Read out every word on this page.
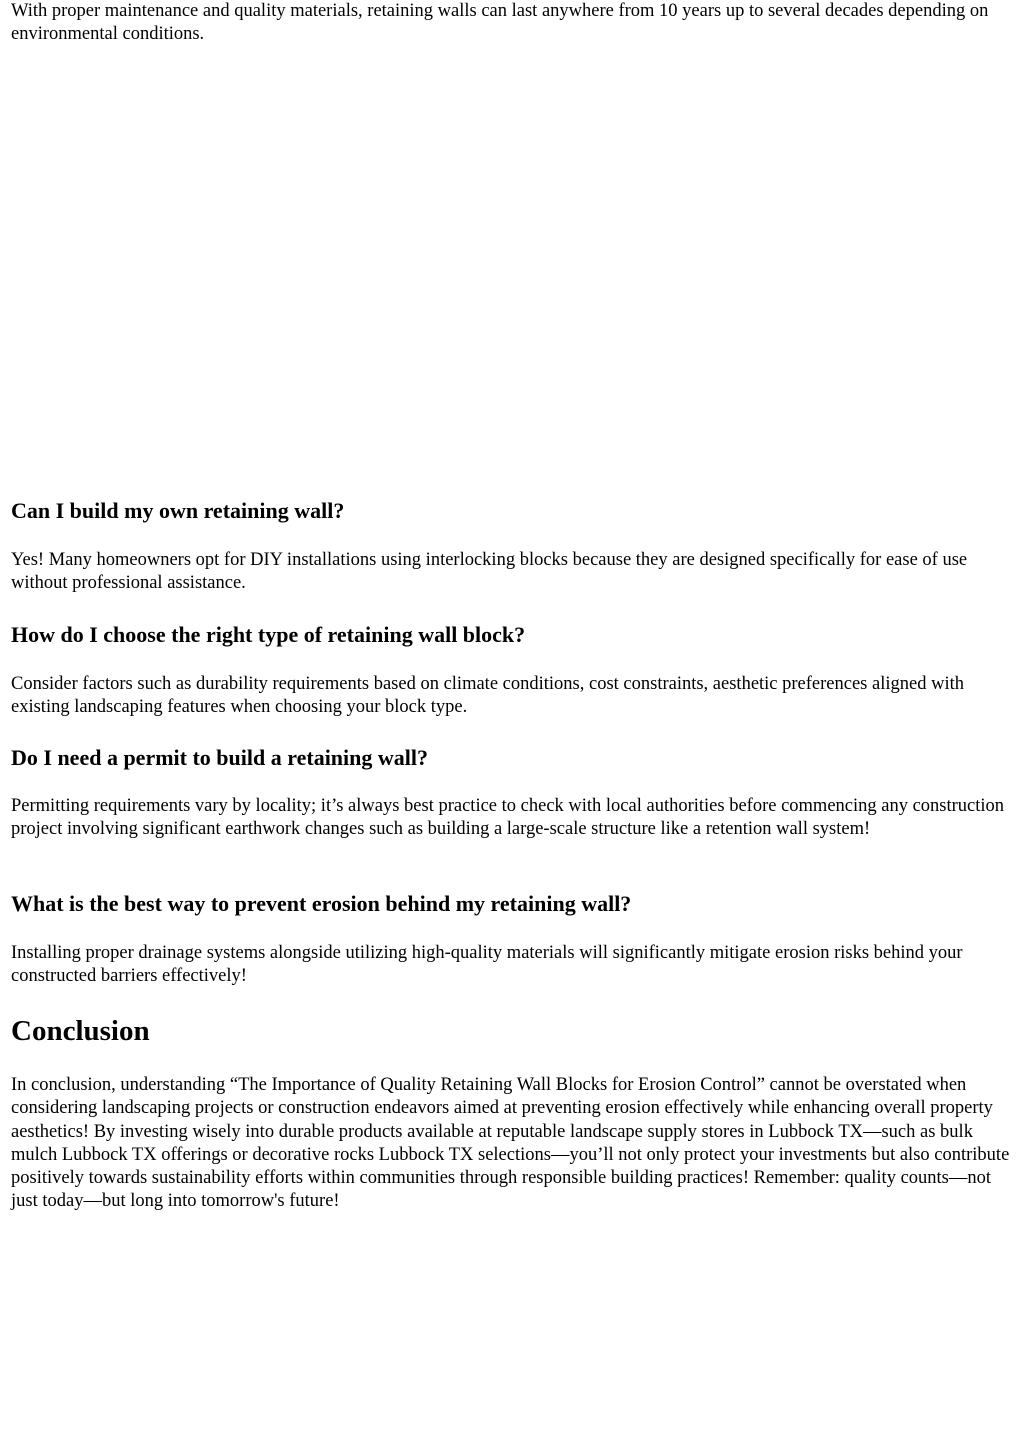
With proper maintenance and quality materials, retaining walls can last anywhere from 10 years up to several decades depending on environmental conditions.

Can I build my own retaining wall?

Yes! Many homeowners opt for DIY installations using interlocking blocks because they are designed specifically for ease of use without professional assistance.

How do I choose the right type of retaining wall block?

Consider factors such as durability requirements based on climate conditions, cost constraints, aesthetic preferences aligned with existing landscaping features when choosing your block type.

Do I need a permit to build a retaining wall?

Permitting requirements vary by locality; it’s always best practice to check with local authorities before commencing any construction project involving significant earthwork changes such as building a large-scale structure like a retention wall system!

What is the best way to prevent erosion behind my retaining wall?

Installing proper drainage systems alongside utilizing high-quality materials will significantly mitigate erosion risks behind your constructed barriers effectively!

Conclusion

In conclusion, understanding “The Importance of Quality Retaining Wall Blocks for Erosion Control” cannot be overstated when considering landscaping projects or construction endeavors aimed at preventing erosion effectively while enhancing overall property aesthetics! By investing wisely into durable products available at reputable landscape supply stores in Lubbock TX—such as bulk mulch Lubbock TX offerings or decorative rocks Lubbock TX selections—you’ll not only protect your investments but also contribute positively towards sustainability efforts within communities through responsible building practices! Remember: quality counts—not just today—but long into tomorrow's future!
